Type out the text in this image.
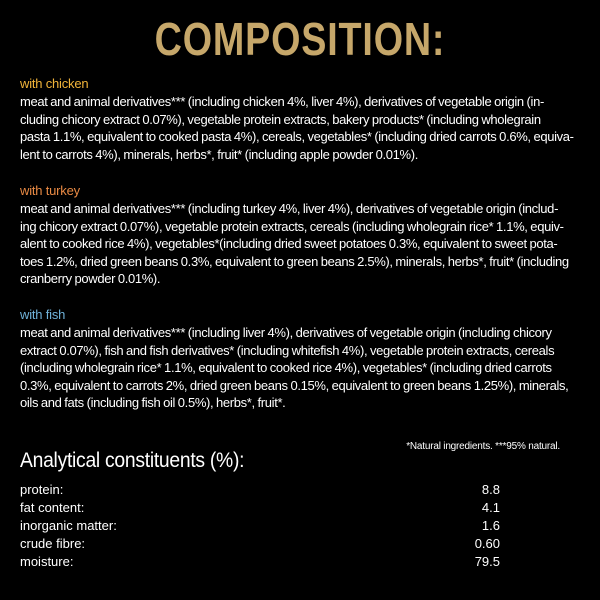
COMPOSITION:

with chicken

meat and animal derivatives*** (including chicken 4%, liver 4%), derivatives of vegetable origin (in-

cluding chicory extract 0.07%), vegetable protein extracts, bakery products* (including wholegrain

pasta 1.1%, equivalent to cooked pasta 4%), cereals, vegetables* (including dried carrots 0.6%, equiva-

lent to carrots 4%), minerals, herbs*, fruit* (including apple powder 0.01%).

with turkey

meat and animal derivatives*** (including turkey 4%, liver 4%), derivatives of vegetable origin (includ-

ing chicory extract 0.07%), vegetable protein extracts, cereals (including wholegrain rice* 1.1%, equiv-

alent to cooked rice 4%), vegetables*(including dried sweet potatoes 0.3%, equivalent to sweet pota-

toes 1.2%, dried green beans 0.3%, equivalent to green beans 2.5%), minerals, herbs*, fruit* (including

cranberry powder 0.01%).

with fish

meat and animal derivatives*** (including liver 4%), derivatives of vegetable origin (including chicory

extract 0.07%), fish and fish derivatives* (including whitefish 4%), vegetable protein extracts, cereals

(including wholegrain rice* 1.1%, equivalent to cooked rice 4%), vegetables* (including dried carrots

0.3%, equivalent to carrots 2%, dried green beans 0.15%, equivalent to green beans 1.25%), minerals,

oils and fats (including fish oil 0.5%), herbs*, fruit*.

*Natural ingredients. ***95% natural.
Analytical constituents (%):
protein:	8.8
fat content:	4.1
inorganic matter:	1.6
crude fibre:	0.60
moisture:	79.5
